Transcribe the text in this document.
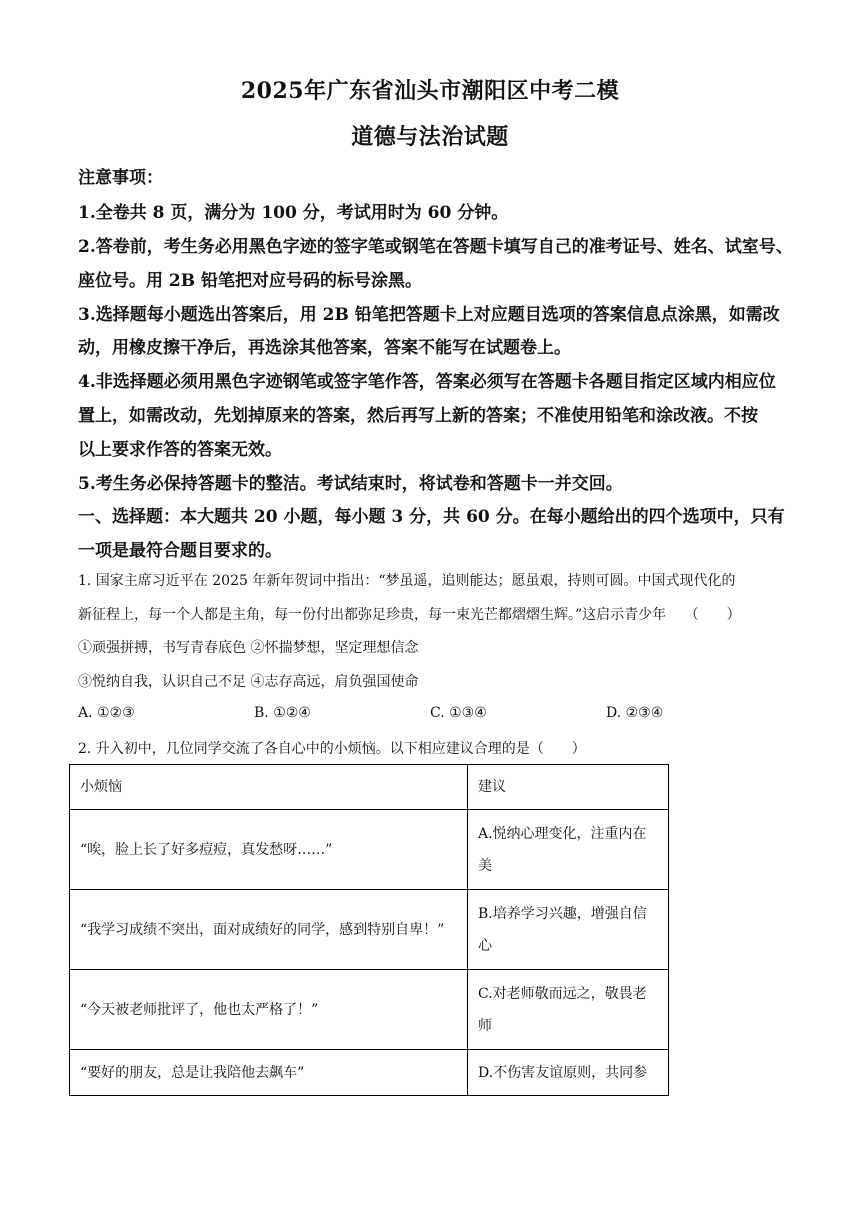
2025年广东省汕头市潮阳区中考二模
道德与法治试题
注意事项：
1.全卷共 8 页，满分为 100 分，考试用时为 60 分钟。
2.答卷前，考生务必用黑色字迹的签字笔或钢笔在答题卡填写自己的准考证号、姓名、试室号、
座位号。用 2B 铅笔把对应号码的标号涂黑。
3.选择题每小题选出答案后，用 2B 铅笔把答题卡上对应题目选项的答案信息点涂黑，如需改
动，用橡皮擦干净后，再选涂其他答案，答案不能写在试题卷上。
4.非选择题必须用黑色字迹钢笔或签字笔作答，答案必须写在答题卡各题目指定区域内相应位
置上，如需改动，先划掉原来的答案，然后再写上新的答案；不准使用铅笔和涂改液。不按
以上要求作答的答案无效。
5.考生务必保持答题卡的整洁。考试结束时，将试卷和答题卡一并交回。
一、选择题：本大题共 20 小题，每小题 3 分，共 60 分。在每小题给出的四个选项中，只有
一项是最符合题目要求的。
1. 国家主席习近平在 2025 年新年贺词中指出：“梦虽遥，追则能达；愿虽艰，持则可圆。中国式现代化的
新征程上，每一个人都是主角，每一份付出都弥足珍贵，每一束光芒都熠熠生辉。”这启示青少年 （　　）
①顽强拼搏，书写青春底色 ②怀揣梦想，坚定理想信念
③悦纳自我，认识自己不足 ④志存高远，肩负强国使命
A. ①②③	B. ①②④	C. ①③④	D. ②③④
2. 升入初中，几位同学交流了各自心中的小烦恼。以下相应建议合理的是（　　）
小烦恼	建议
“唉，脸上长了好多痘痘，真发愁呀……”	A.悦纳心理变化，注重内在美
“我学习成绩不突出，面对成绩好的同学，感到特别自卑！”	B.培养学习兴趣，增强自信心
“今天被老师批评了，他也太严格了！”	C.对老师敬而远之，敬畏老师
“要好的朋友，总是让我陪他去飙车”	D.不伤害友谊原则，共同参
